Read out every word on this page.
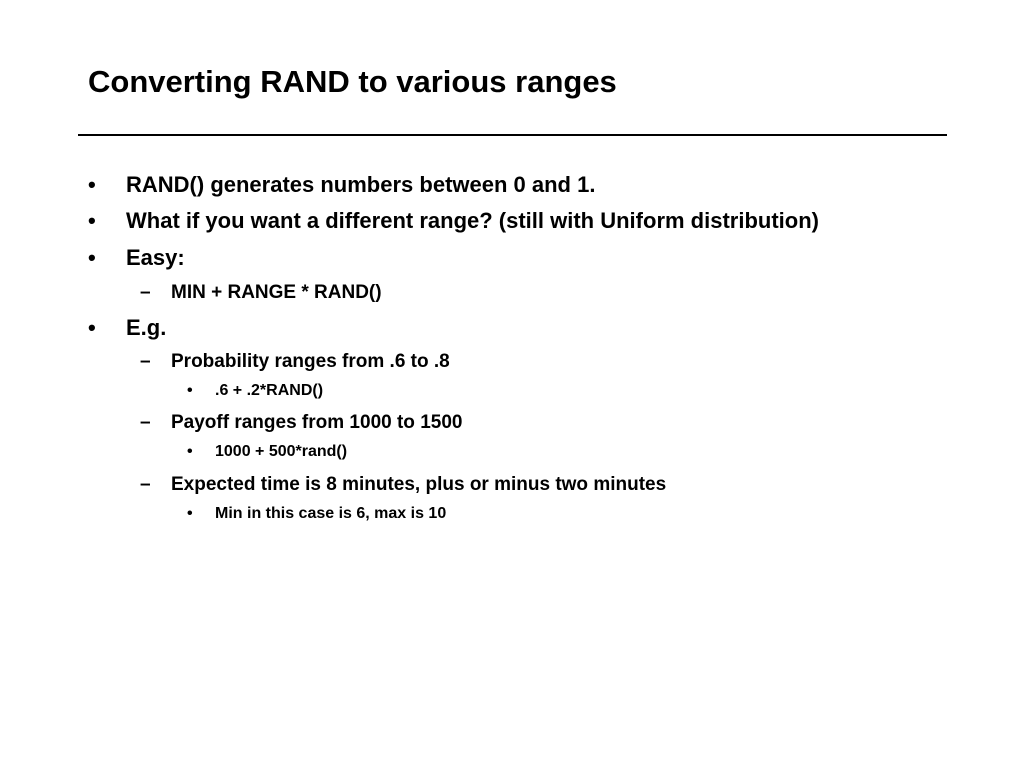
Converting RAND to various ranges
• RAND() generates numbers between 0 and 1.
• What if you want a different range? (still with Uniform distribution)
• Easy:
– MIN + RANGE * RAND()
• E.g.
– Probability ranges from .6 to .8
• .6 + .2*RAND()
– Payoff ranges from 1000 to 1500
• 1000 + 500*rand()
– Expected time is 8 minutes, plus or minus two minutes
• Min in this case is 6, max is 10
